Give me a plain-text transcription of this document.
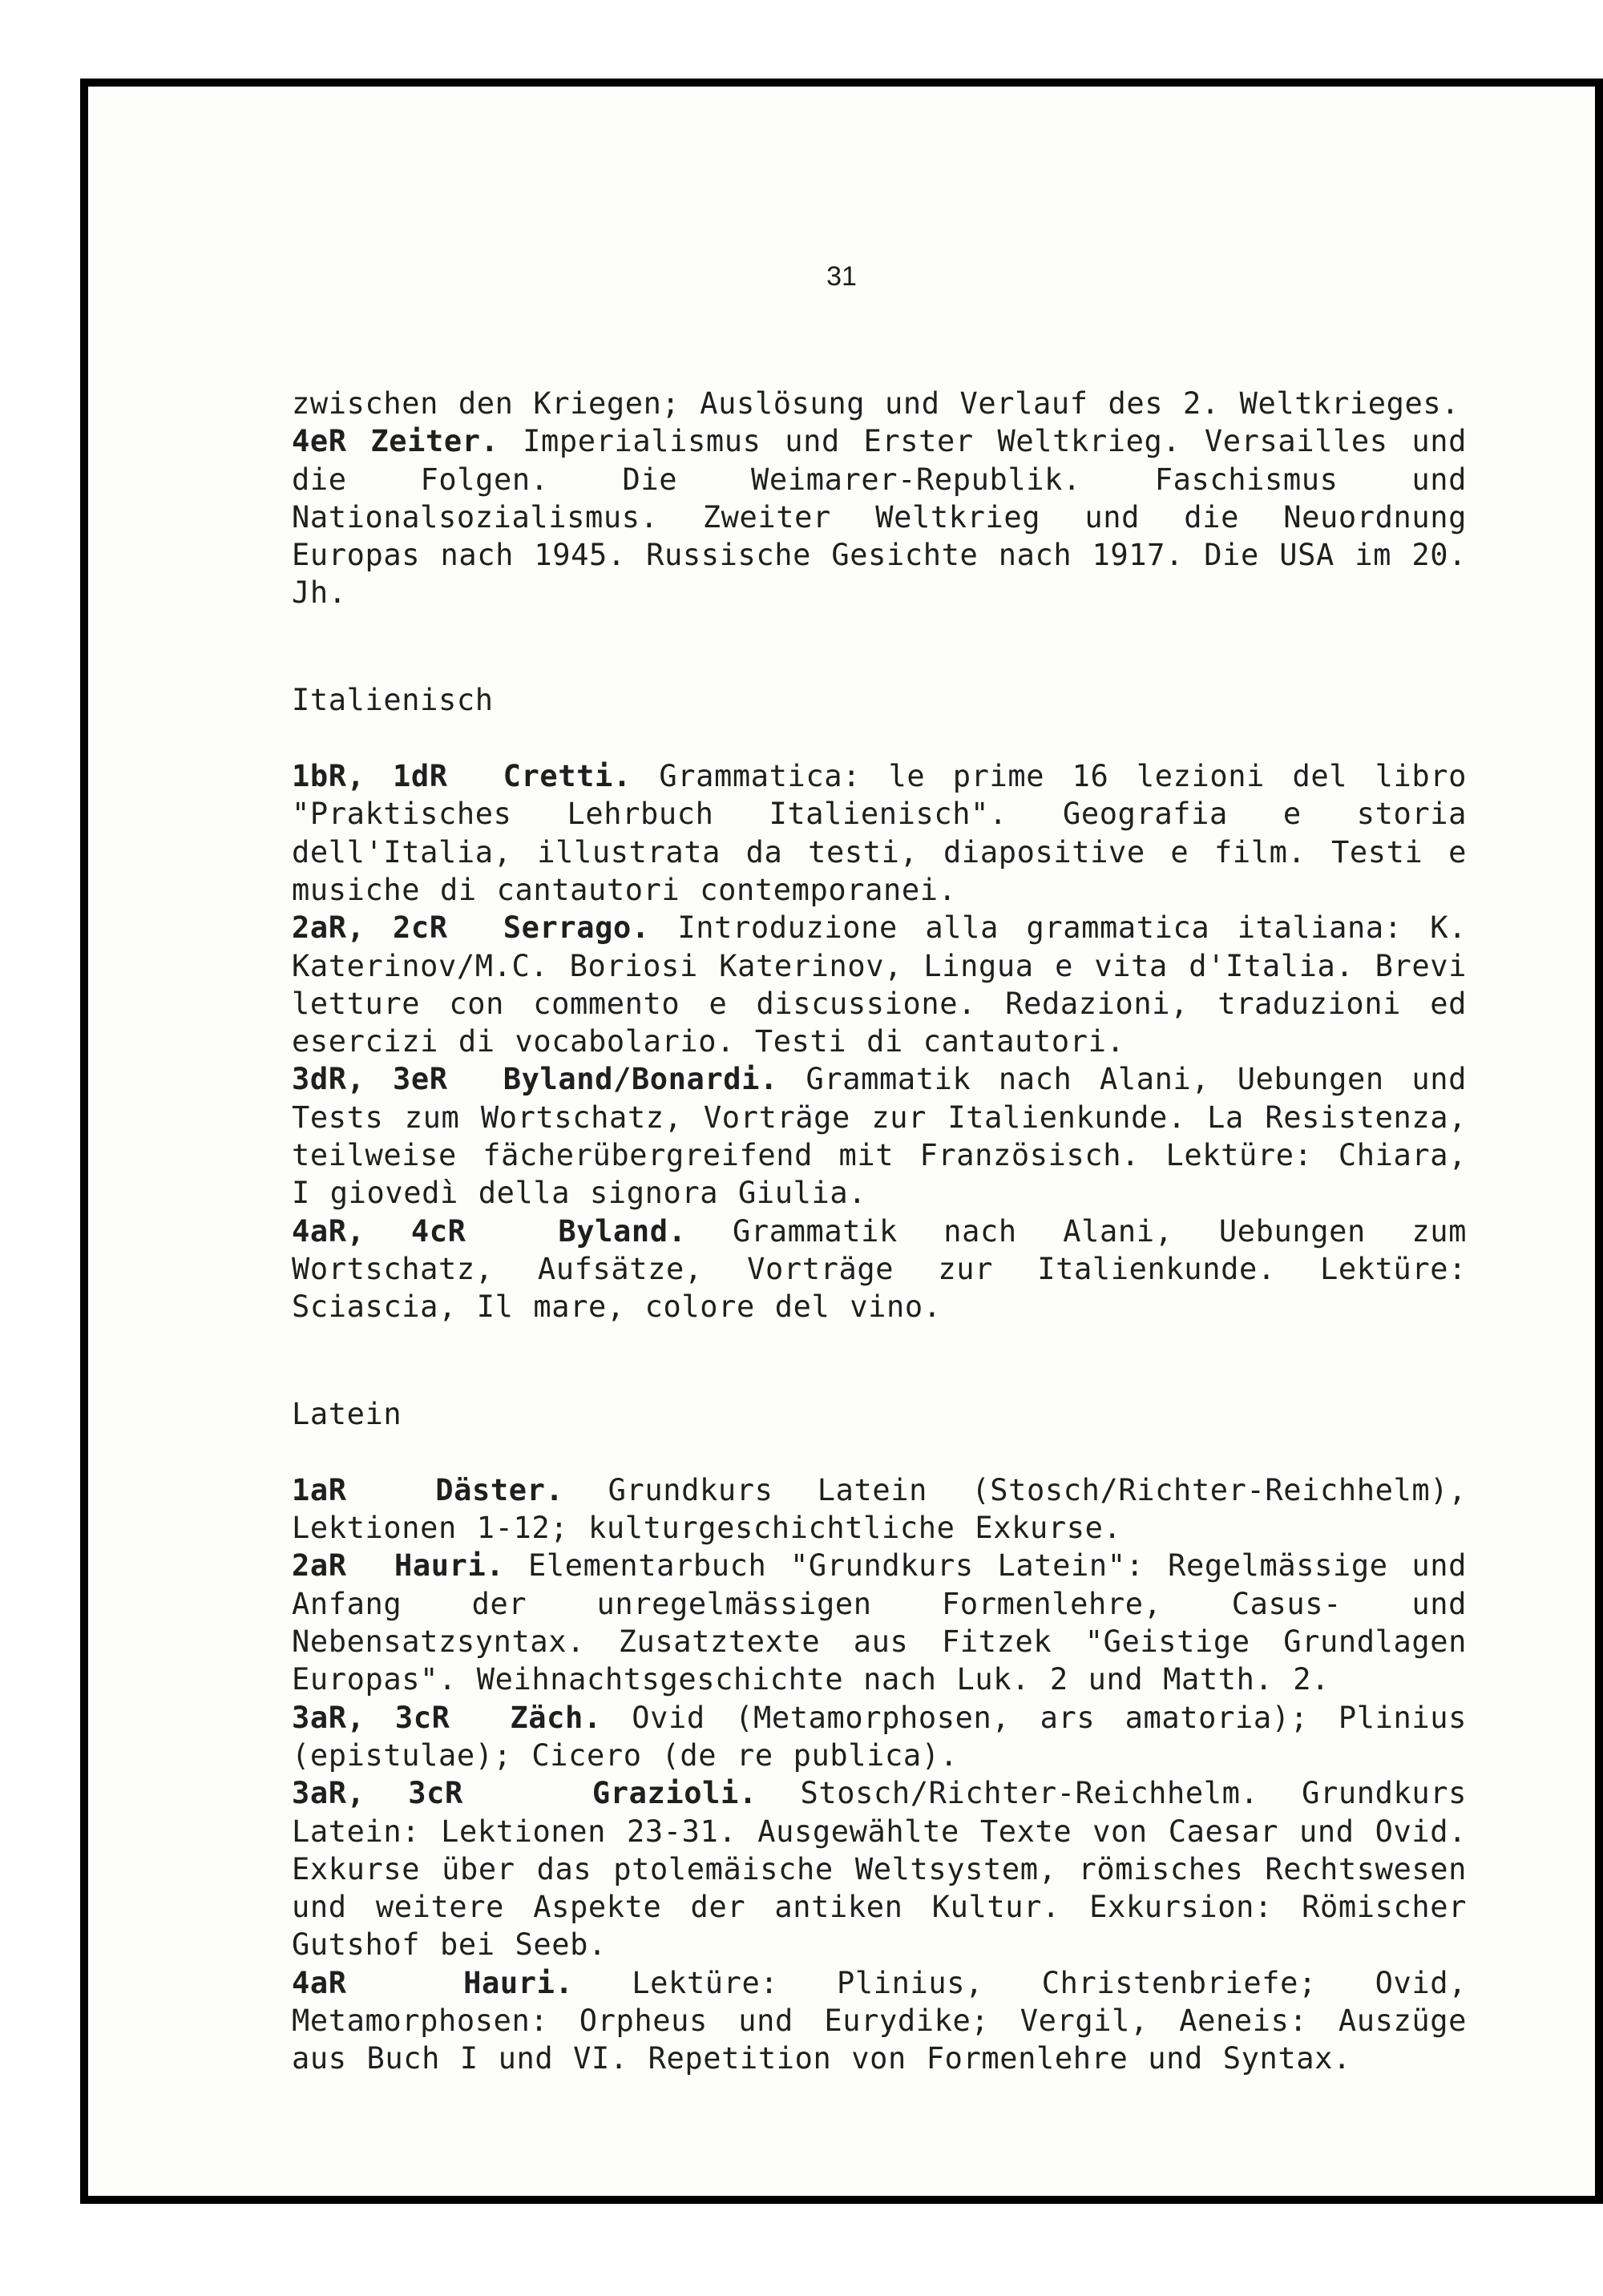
31

zwischen den Kriegen; Auslösung und Verlauf des 2. Weltkrieges.

4eR Zeiter. Imperialismus und Erster Weltkrieg. Versailles und die Folgen. Die Weimarer-Republik. Faschismus und Nationalsozialismus. Zweiter Weltkrieg und die Neuordnung Europas nach 1945. Russische Gesichte nach 1917. Die USA im 20. Jh.

Italienisch

1bR, 1dR Cretti. Grammatica: le prime 16 lezioni del libro "Praktisches Lehrbuch Italienisch". Geografia e storia dell'Italia, illustrata da testi, diapositive e film. Testi e musiche di cantautori contemporanei.

2aR, 2cR Serrago. Introduzione alla grammatica italiana: K. Katerinov/M.C. Boriosi Katerinov, Lingua e vita d'Italia. Brevi letture con commento e discussione. Redazioni, traduzioni ed esercizi di vocabolario. Testi di cantautori.

3dR, 3eR Byland/Bonardi. Grammatik nach Alani, Uebungen und Tests zum Wortschatz, Vorträge zur Italienkunde. La Resistenza, teilweise fächerübergreifend mit Französisch. Lektüre: Chiara, I giovedì della signora Giulia.

4aR, 4cR	Byland. Grammatik nach Alani, Uebungen zum Wortschatz, Aufsätze, Vorträge zur Italienkunde. Lektüre: Sciascia, Il mare, colore del vino.

Latein

1aR	Däster. Grundkurs Latein (Stosch/Richter-Reichhelm), Lektionen 1-12; kulturgeschichtliche Exkurse.

2aR Hauri. Elementarbuch "Grundkurs Latein": Regelmässige und Anfang der unregelmässigen Formenlehre, Casus- und Nebensatzsyntax. Zusatztexte aus Fitzek "Geistige Grundlagen Europas". Weihnachtsgeschichte nach Luk. 2 und Matth. 2.

3aR, 3cR Zäch. Ovid (Metamorphosen, ars amatoria); Plinius (epistulae); Cicero (de re publica).

3aR, 3cR	Grazioli. Stosch/Richter-Reichhelm. Grundkurs Latein: Lektionen 23-31. Ausgewählte Texte von Caesar und Ovid. Exkurse über das ptolemäische Weltsystem, römisches Rechtswesen und weitere Aspekte der antiken Kultur. Exkursion: Römischer Gutshof bei Seeb.

4aR	Hauri. Lektüre: Plinius, Christenbriefe; Ovid, Metamorphosen: Orpheus und Eurydike; Vergil, Aeneis: Auszüge aus Buch I und VI. Repetition von Formenlehre und Syntax.
